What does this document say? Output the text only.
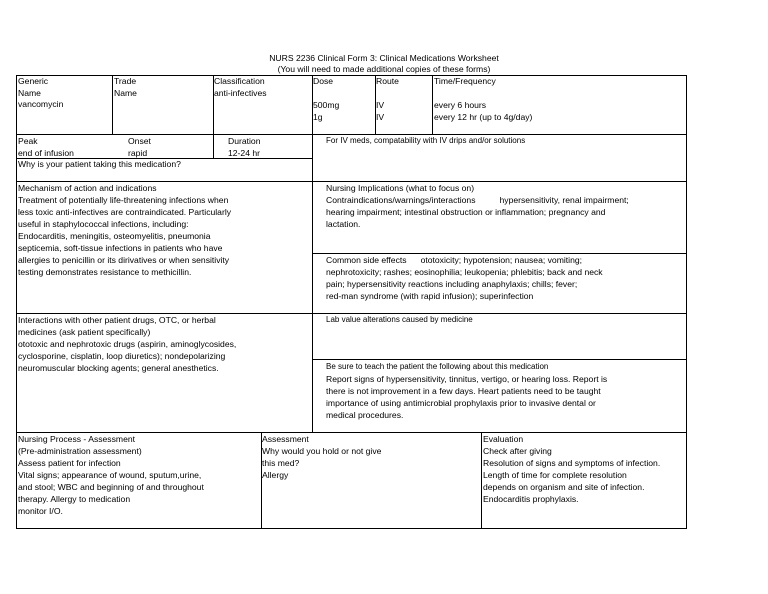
NURS 2236 Clinical Form 3: Clinical Medications Worksheet
(You will need to made additional copies of these forms)
Generic
Name
vancomycin
Trade
Name
Classification
anti-infectives
Dose
500mg
1g
Route
IV
IV
Time/Frequency
every 6 hours
every 12 hr (up to 4g/day)
Peak
end of infusion
Onset
rapid
Duration
12-24 hr
Why is your patient taking this medication?
For IV meds, compatability with IV drips and/or solutions
Mechanism of action and indications
Treatment of potentially life-threatening infections when
less toxic anti-infectives are contraindicated. Particularly
useful in staphylococcal infections, including:
Endocarditis, meningitis, osteomyelitis, pneumonia
septicemia, soft-tissue infections in patients who have
allergies to penicillin or its dirivatives or when sensitivity
testing demonstrates resistance to methicillin.
Nursing Implications (what to focus on)
Contraindications/warnings/interactions	hypersensitivity, renal impairment;
hearing impairment; intestinal obstruction or inflammation; pregnancy and
lactation.
Common side effects ototoxicity; hypotension; nausea; vomiting;
nephrotoxicity; rashes; eosinophilia; leukopenia; phlebitis; back and neck
pain; hypersensitivity reactions including anaphylaxis; chills; fever;
red-man syndrome (with rapid infusion); superinfection
Interactions with other patient drugs, OTC, or herbal
medicines (ask patient specifically)
ototoxic and nephrotoxic drugs (aspirin, aminoglycosides,
cyclosporine, cisplatin, loop diuretics); nondepolarizing
neuromuscular blocking agents; general anesthetics.
Lab value alterations caused by medicine
Be sure to teach the patient the following about this medication
Report signs of hypersensitivity, tinnitus, vertigo, or hearing loss. Report is
there is not improvement in a few days. Heart patients need to be taught
importance of using antimicrobial prophylaxis prior to invasive dental or
medical procedures.
Nursing Process - Assessment
(Pre-administration assessment)
Assess patient for infection
Vital signs; appearance of wound, sputum,urine,
and stool; WBC and beginning of and throughout
therapy. Allergy to medication
monitor I/O.
Assessment
Why would you hold or not give
this med?
Allergy
Evaluation
Check after giving
Resolution of signs and symptoms of infection.
Length of time for complete resolution
depends on organism and site of infection.
Endocarditis prophylaxis.
